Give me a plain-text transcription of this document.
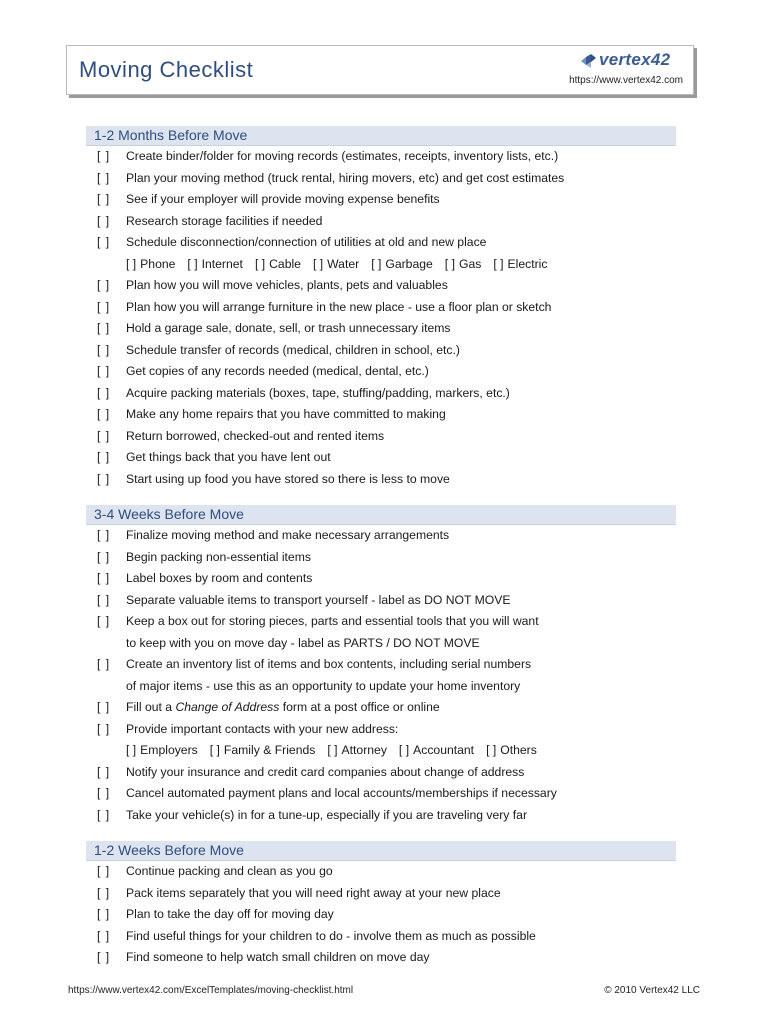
Moving Checklist	vertex42
https://www.vertex42.com
1-2 Months Before Move
[ ]	Create binder/folder for moving records (estimates, receipts, inventory lists, etc.)
[ ]	Plan your moving method (truck rental, hiring movers, etc) and get cost estimates
[ ]	See if your employer will provide moving expense benefits
[ ]	Research storage facilities if needed
[ ]	Schedule disconnection/connection of utilities at old and new place
[ ] Phone [ ] Internet [ ] Cable [ ] Water [ ] Garbage [ ] Gas [ ] Electric
[ ]	Plan how you will move vehicles, plants, pets and valuables
[ ]	Plan how you will arrange furniture in the new place - use a floor plan or sketch
[ ]	Hold a garage sale, donate, sell, or trash unnecessary items
[ ]	Schedule transfer of records (medical, children in school, etc.)
[ ]	Get copies of any records needed (medical, dental, etc.)
[ ]	Acquire packing materials (boxes, tape, stuffing/padding, markers, etc.)
[ ]	Make any home repairs that you have committed to making
[ ]	Return borrowed, checked-out and rented items
[ ]	Get things back that you have lent out
[ ]	Start using up food you have stored so there is less to move
3-4 Weeks Before Move
[ ]	Finalize moving method and make necessary arrangements
[ ]	Begin packing non-essential items
[ ]	Label boxes by room and contents
[ ]	Separate valuable items to transport yourself - label as DO NOT MOVE
[ ]	Keep a box out for storing pieces, parts and essential tools that you will want
to keep with you on move day - label as PARTS / DO NOT MOVE
[ ]	Create an inventory list of items and box contents, including serial numbers
of major items - use this as an opportunity to update your home inventory
[ ]	Fill out a Change of Address form at a post office or online
[ ]	Provide important contacts with your new address:
[ ] Employers [ ] Family & Friends [ ] Attorney [ ] Accountant [ ] Others
[ ]	Notify your insurance and credit card companies about change of address
[ ]	Cancel automated payment plans and local accounts/memberships if necessary
[ ]	Take your vehicle(s) in for a tune-up, especially if you are traveling very far
1-2 Weeks Before Move
[ ]	Continue packing and clean as you go
[ ]	Pack items separately that you will need right away at your new place
[ ]	Plan to take the day off for moving day
[ ]	Find useful things for your children to do - involve them as much as possible
[ ]	Find someone to help watch small children on move day
https://www.vertex42.com/ExcelTemplates/moving-checklist.html	© 2010 Vertex42 LLC
